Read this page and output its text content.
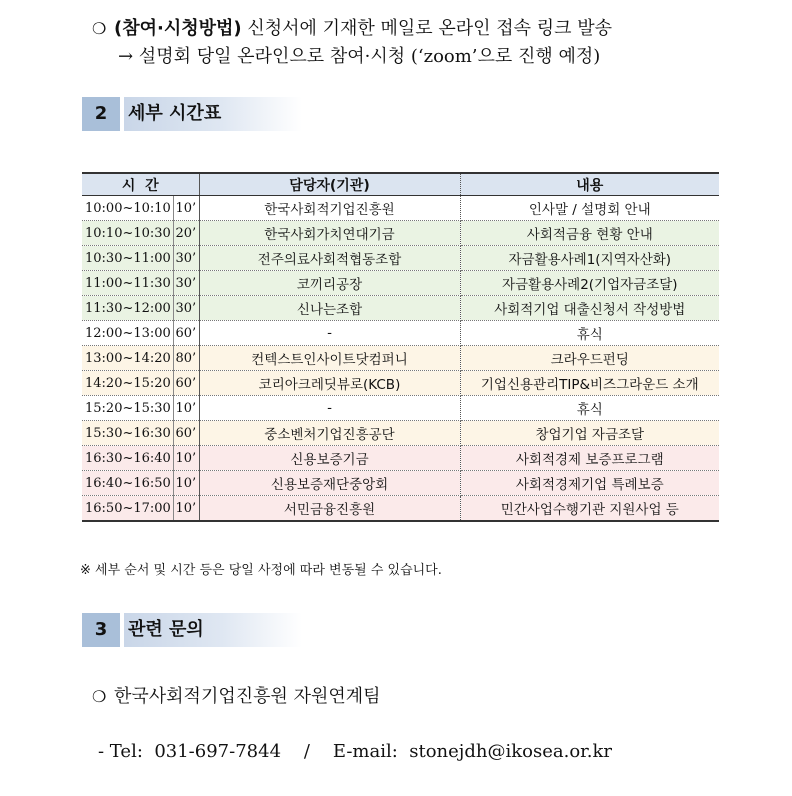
❍ (참여·시청방법) 신청서에 기재한 메일로 온라인 접속 링크 발송
→ 설명회 당일 온라인으로 참여·시청 (‘zoom’으로 진행 예정)
2	세부 시간표
시  간		담당자(기관)	내용
10:00~10:10	10’	한국사회적기업진흥원	인사말 / 설명회 안내
10:10~10:30	20’	한국사회가치연대기금	사회적금융 현황 안내
10:30~11:00	30’	전주의료사회적협동조합	자금활용사례1(지역자산화)
11:00~11:30	30’	코끼리공장	자금활용사례2(기업자금조달)
11:30~12:00	30’	신나는조합	사회적기업 대출신청서 작성방법
12:00~13:00	60’	-	휴식
13:00~14:20	80’	컨텍스트인사이트닷컴퍼니	크라우드펀딩
14:20~15:20	60’	코리아크레딧뷰로(KCB)	기업신용관리TIP&비즈그라운드 소개
15:20~15:30	10’	-	휴식
15:30~16:30	60’	중소벤처기업진흥공단	창업기업 자금조달
16:30~16:40	10’	신용보증기금	사회적경제 보증프로그램
16:40~16:50	10’	신용보증재단중앙회	사회적경제기업 특례보증
16:50~17:00	10’	서민금융진흥원	민간사업수행기관 지원사업 등
※ 세부 순서 및 시간 등은 당일 사정에 따라 변동될 수 있습니다.
3	관련 문의
❍ 한국사회적기업진흥원 자원연계팀
- Tel:  031-697-7844    /    E-mail:  stonejdh@ikosea.or.kr
